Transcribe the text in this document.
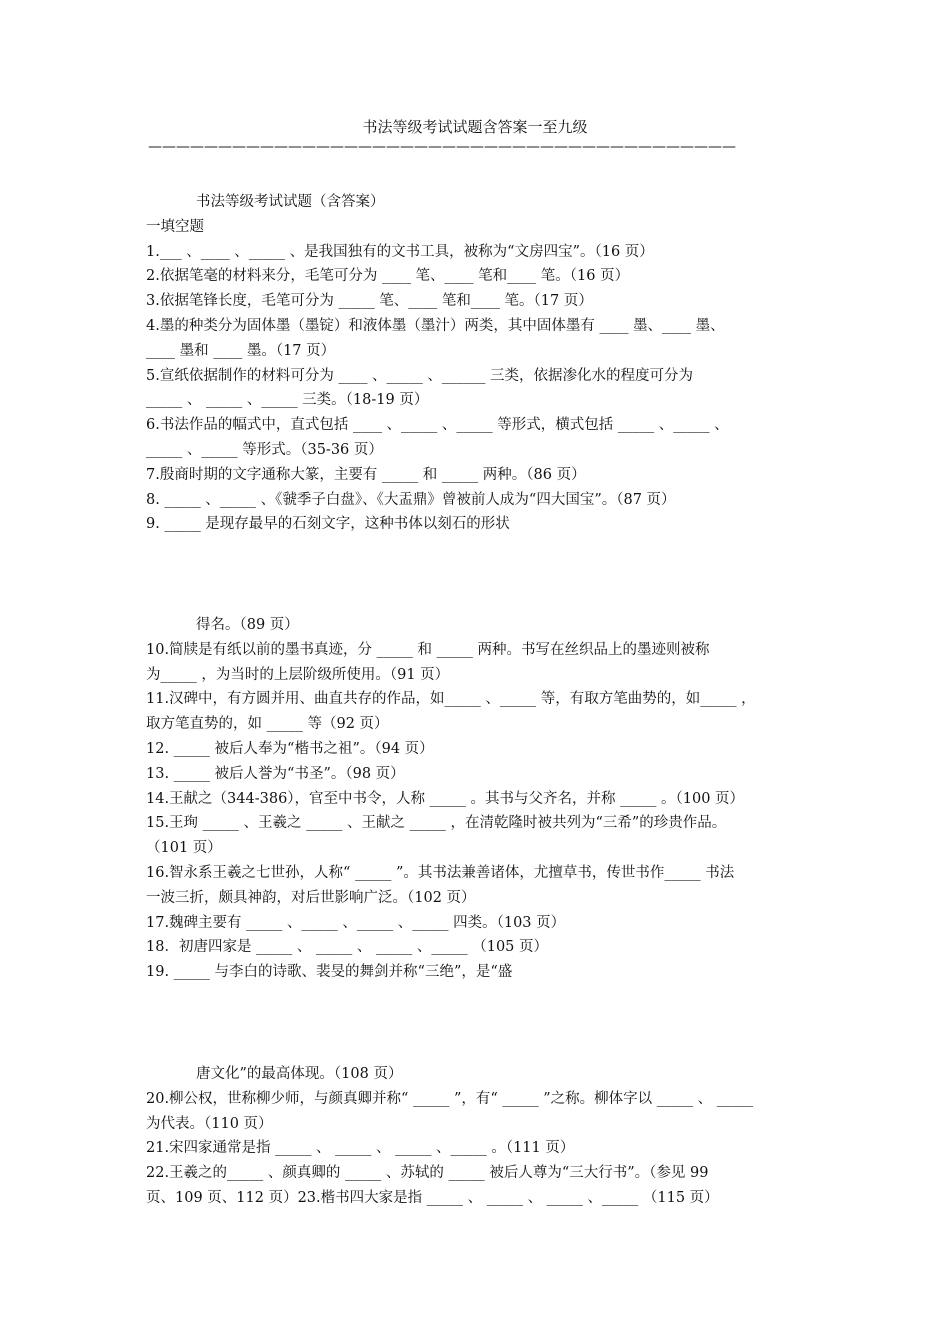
书法等级考试试题含答案一至九级
——————————————————————————————————————————
书法等级考试试题（含答案）
一填空题
1.___ 、____ 、_____ 、是我国独有的文书工具，被称为“文房四宝”。（16 页）
2.依据笔毫的材料来分，毛笔可分为 ____ 笔、____ 笔和____ 笔。（16 页）
3.依据笔锋长度，毛笔可分为 _____ 笔、____ 笔和____ 笔。（17 页）
4.墨的种类分为固体墨（墨锭）和液体墨（墨汁）两类，其中固体墨有 ____ 墨、____ 墨、
____ 墨和 ____ 墨。（17 页）
5.宣纸依据制作的材料可分为 ____ 、_____ 、______ 三类，依据渗化水的程度可分为
_____ 、 _____ 、_____ 三类。（18-19 页）
6.书法作品的幅式中，直式包括 ____ 、_____ 、_____ 等形式，横式包括 _____ 、_____ 、
_____ 、_____ 等形式。（35-36 页）
7.殷商时期的文字通称大篆，主要有 _____ 和 _____ 两种。（86 页）
8. _____ 、_____ 、《虢季子白盘》、《大盂鼎》曾被前人成为“四大国宝”。（87 页）
9. _____ 是现存最早的石刻文字，这种书体以刻石的形状
得名。（89 页）
10.简牍是有纸以前的墨书真迹，分 _____ 和 _____ 两种。书写在丝织品上的墨迹则被称
为_____ ，为当时的上层阶级所使用。（91 页）
11.汉碑中，有方圆并用、曲直共存的作品，如_____ 、_____ 等，有取方笔曲势的，如_____ ，
取方笔直势的，如 _____ 等（92 页）
12. _____ 被后人奉为“楷书之祖”。（94 页）
13. _____ 被后人誉为“书圣”。（98 页）
14.王献之（344-386），官至中书令，人称 _____ 。其书与父齐名，并称 _____ 。（100 页）
15.王珣 _____ 、王羲之 _____ 、王献之 _____ ，在清乾隆时被共列为“三希”的珍贵作品。
（101 页）
16.智永系王羲之七世孙，人称“ _____ ”。其书法兼善诸体，尤擅草书，传世书作_____ 书法
一波三折，颇具神韵，对后世影响广泛。（102 页）
17.魏碑主要有 _____ 、_____ 、_____ 、_____ 四类。（103 页）
18．初唐四家是 _____ 、 _____ 、 _____ 、_____ （105 页）
19. _____ 与李白的诗歌、裴旻的舞剑并称“三绝”，是“盛
唐文化”的最高体现。（108 页）
20.柳公权，世称柳少师，与颜真卿并称“ _____ ”，有“ _____ ”之称。柳体字以 _____ 、 _____
为代表。（110 页）
21.宋四家通常是指 _____ 、 _____ 、 _____ 、_____ 。（111 页）
22.王羲之的_____ 、颜真卿的 _____ 、苏轼的 _____ 被后人尊为“三大行书”。（参见 99
页、109 页、112 页）23.楷书四大家是指 _____ 、 _____ 、 _____ 、_____ （115 页）
